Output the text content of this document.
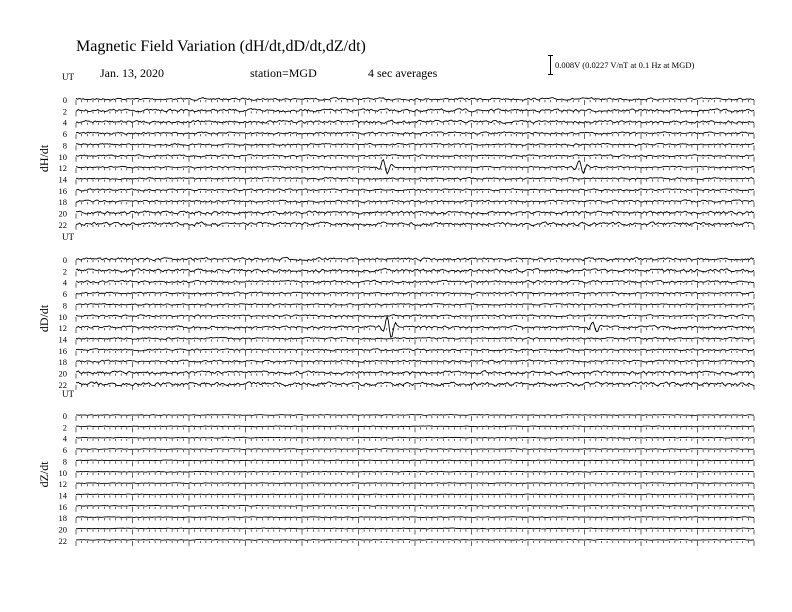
Magnetic Field Variation (dH/dt,dD/dt,dZ/dt)
Jan. 13, 2020	station=MGD	4 sec averages
0.008V (0.0227 V/nT at 0.1 Hz at MGD)
UT
dH/dt
0
2
4
6
8
10
12
14
16
18
20
22
UT
dD/dt
0
2
4
6
8
10
12
14
16
18
20
22
UT
dZ/dt
0
2
4
6
8
10
12
14
16
18
20
22
